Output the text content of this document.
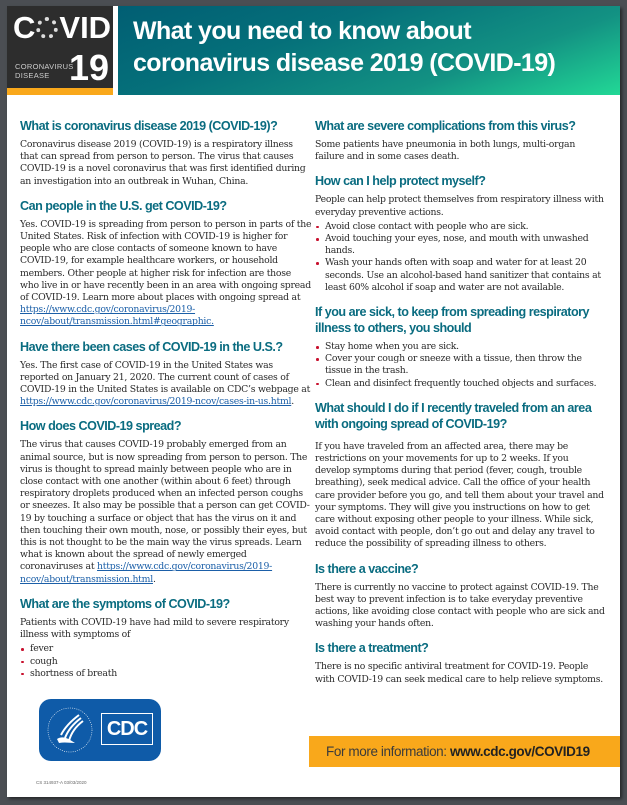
C VID
CORONAVIRUS
DISEASE 19
What you need to know about
coronavirus disease 2019 (COVID-19)
What is coronavirus disease 2019 (COVID-19)?

Coronavirus disease 2019 (COVID-19) is a respiratory illness that can spread from person to person. The virus that causes COVID-19 is a novel coronavirus that was first identified during an investigation into an outbreak in Wuhan, China.

Can people in the U.S. get COVID-19?

Yes. COVID-19 is spreading from person to person in parts of the United States. Risk of infection with COVID-19 is higher for people who are close contacts of someone known to have COVID-19, for example healthcare workers, or household members. Other people at higher risk for infection are those who live in or have recently been in an area with ongoing spread of COVID-19. Learn more about places with ongoing spread at https://www.cdc.gov/coronavirus/2019-ncov/about/transmission.html#geographic.

Have there been cases of COVID-19 in the U.S.?

Yes. The first case of COVID-19 in the United States was reported on January 21, 2020. The current count of cases of COVID-19 in the United States is available on CDC’s webpage at https://www.cdc.gov/coronavirus/2019-ncov/cases-in-us.html.

How does COVID-19 spread?

The virus that causes COVID-19 probably emerged from an animal source, but is now spreading from person to person. The virus is thought to spread mainly between people who are in close contact with one another (within about 6 feet) through respiratory droplets produced when an infected person coughs or sneezes. It also may be possible that a person can get COVID-19 by touching a surface or object that has the virus on it and then touching their own mouth, nose, or possibly their eyes, but this is not thought to be the main way the virus spreads. Learn what is known about the spread of newly emerged coronaviruses at https://www.cdc.gov/coronavirus/2019-ncov/about/transmission.html.

What are the symptoms of COVID-19?

Patients with COVID-19 have had mild to severe respiratory illness with symptoms of

fever
cough
shortness of breath
What are severe complications from this virus?

Some patients have pneumonia in both lungs, multi-organ failure and in some cases death.

How can I help protect myself?

People can help protect themselves from respiratory illness with everyday preventive actions.

Avoid close contact with people who are sick.
Avoid touching your eyes, nose, and mouth with unwashed hands.
Wash your hands often with soap and water for at least 20 seconds. Use an alcohol-based hand sanitizer that contains at least 60% alcohol if soap and water are not available.
If you are sick, to keep from spreading respiratory illness to others, you should
Stay home when you are sick.
Cover your cough or sneeze with a tissue, then throw the tissue in the trash.
Clean and disinfect frequently touched objects and surfaces.
What should I do if I recently traveled from an area with ongoing spread of COVID-19?

If you have traveled from an affected area, there may be restrictions on your movements for up to 2 weeks. If you develop symptoms during that period (fever, cough, trouble breathing), seek medical advice. Call the office of your health care provider before you go, and tell them about your travel and your symptoms. They will give you instructions on how to get care without exposing other people to your illness. While sick, avoid contact with people, don’t go out and delay any travel to reduce the possibility of spreading illness to others.

Is there a vaccine?

There is currently no vaccine to protect against COVID-19. The best way to prevent infection is to take everyday preventive actions, like avoiding close contact with people who are sick and washing your hands often.

Is there a treatment?

There is no specific antiviral treatment for COVID-19. People with COVID-19 can seek medical care to help relieve symptoms.

CDC
CS 314937-A 03/03/2020
For more information: www.cdc.gov/COVID19
